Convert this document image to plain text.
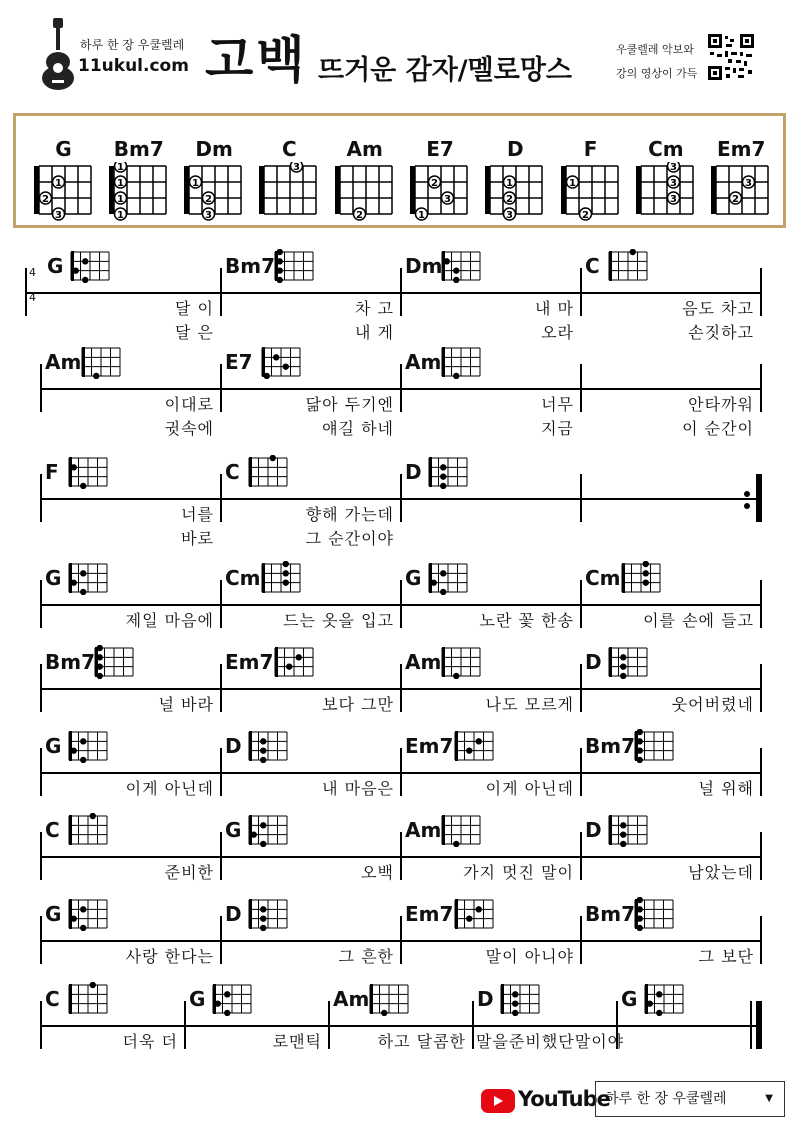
하루 한 장 우쿨렐레
11ukul.com 고백 뜨거운 감자/멜로망스
우쿨렐레 악보와
강의 영상이 가득
G
2
3
1
Bm7
1
1
1
1
Dm
1
2
3
C
3
Am
2
E7
1
2
3
D
1
2
3
F
1
2
Cm
3
3
3
Em7
2
3
G
달 이
달 은
Bm7
차 고
내 게
Dm
내 마
오라
C
음도 차고
손짓하고
Am
이대로
귓속에
E7
닮아 두기엔
얘길 하네
Am
너무
지금
안타까워
이 순간이
F
너를
바로
C
향해 가는데
그 순간이야
D
G
제일 마음에
Cm
드는 옷을 입고
G
노란 꽃 한송
Cm
이를 손에 들고
Bm7
널 바라
Em7
보다 그만
Am
나도 모르게
D
웃어버렸네
G
이게 아닌데
D
내 마음은
Em7
이게 아닌데
Bm7
널 위해
C
준비한
G
오백
Am
가지 멋진 말이
D
남았는데
G
사랑 한다는
D
그 흔한
Em7
말이 아니야
Bm7
그 보단
C
더욱 더
G
로맨틱
Am
하고 달콤한
D
말을준비했단말이야
G
4
4
YouTube
하루 한 장 우쿨렐레	▼
